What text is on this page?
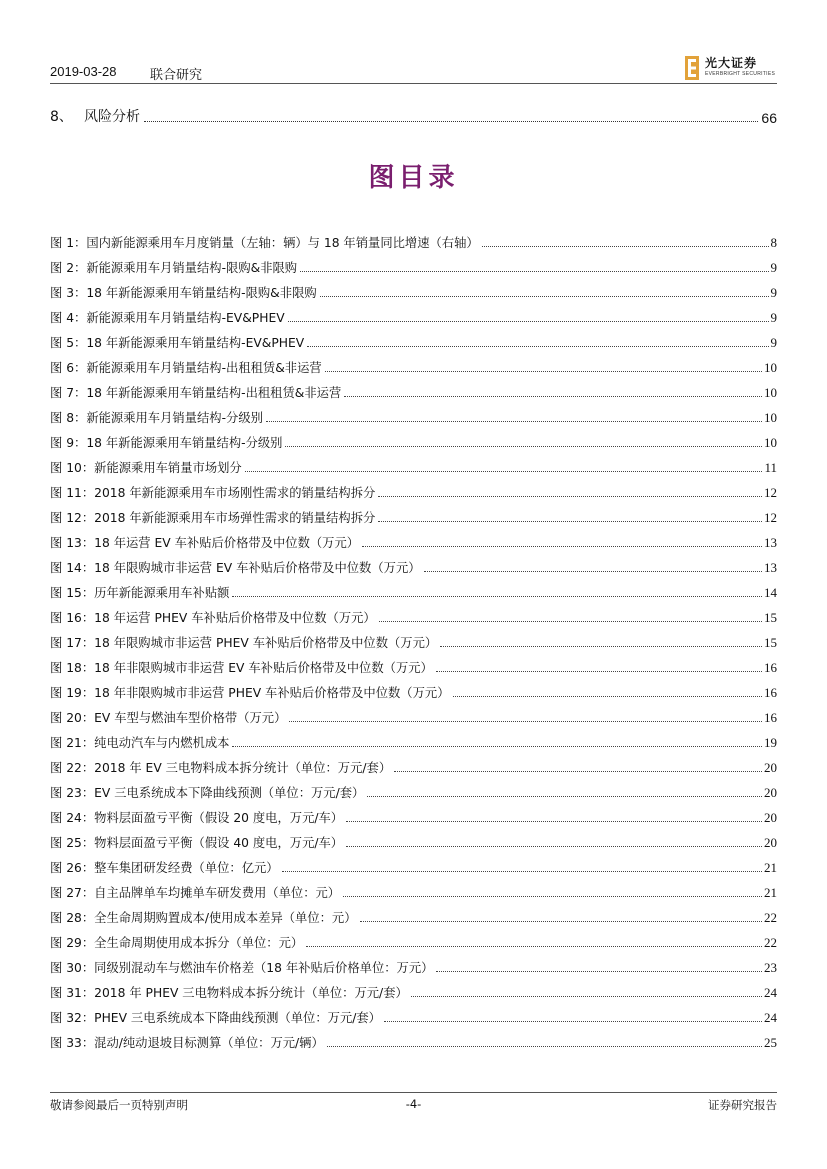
2019-03-28	联合研究
光大证券
EVERBRIGHT SECURITIES
8、 风险分析	66
图目录
图 1：国内新能源乘用车月度销量（左轴：辆）与 18 年销量同比增速（右轴）	8
图 2：新能源乘用车月销量结构-限购&非限购	9
图 3：18 年新能源乘用车销量结构-限购&非限购	9
图 4：新能源乘用车月销量结构-EV&PHEV	9
图 5：18 年新能源乘用车销量结构-EV&PHEV	9
图 6：新能源乘用车月销量结构-出租租赁&非运营	10
图 7：18 年新能源乘用车销量结构-出租租赁&非运营	10
图 8：新能源乘用车月销量结构-分级别	10
图 9：18 年新能源乘用车销量结构-分级别	10
图 10：新能源乘用车销量市场划分	11
图 11：2018 年新能源乘用车市场刚性需求的销量结构拆分	12
图 12：2018 年新能源乘用车市场弹性需求的销量结构拆分	12
图 13：18 年运营 EV 车补贴后价格带及中位数（万元）	13
图 14：18 年限购城市非运营 EV 车补贴后价格带及中位数（万元）	13
图 15：历年新能源乘用车补贴额	14
图 16：18 年运营 PHEV 车补贴后价格带及中位数（万元）	15
图 17：18 年限购城市非运营 PHEV 车补贴后价格带及中位数（万元）	15
图 18：18 年非限购城市非运营 EV 车补贴后价格带及中位数（万元）	16
图 19：18 年非限购城市非运营 PHEV 车补贴后价格带及中位数（万元）	16
图 20：EV 车型与燃油车型价格带（万元）	16
图 21：纯电动汽车与内燃机成本	19
图 22：2018 年 EV 三电物料成本拆分统计（单位：万元/套）	20
图 23：EV 三电系统成本下降曲线预测（单位：万元/套）	20
图 24：物料层面盈亏平衡（假设 20 度电，万元/车）	20
图 25：物料层面盈亏平衡（假设 40 度电，万元/车）	20
图 26：整车集团研发经费（单位：亿元）	21
图 27：自主品牌单车均摊单车研发费用（单位：元）	21
图 28：全生命周期购置成本/使用成本差异（单位：元）	22
图 29：全生命周期使用成本拆分（单位：元）	22
图 30：同级别混动车与燃油车价格差（18 年补贴后价格单位：万元）	23
图 31：2018 年 PHEV 三电物料成本拆分统计（单位：万元/套）	24
图 32：PHEV 三电系统成本下降曲线预测（单位：万元/套）	24
图 33：混动/纯动退坡目标测算（单位：万元/辆）	25
敬请参阅最后一页特别声明	-4-	证券研究报告
